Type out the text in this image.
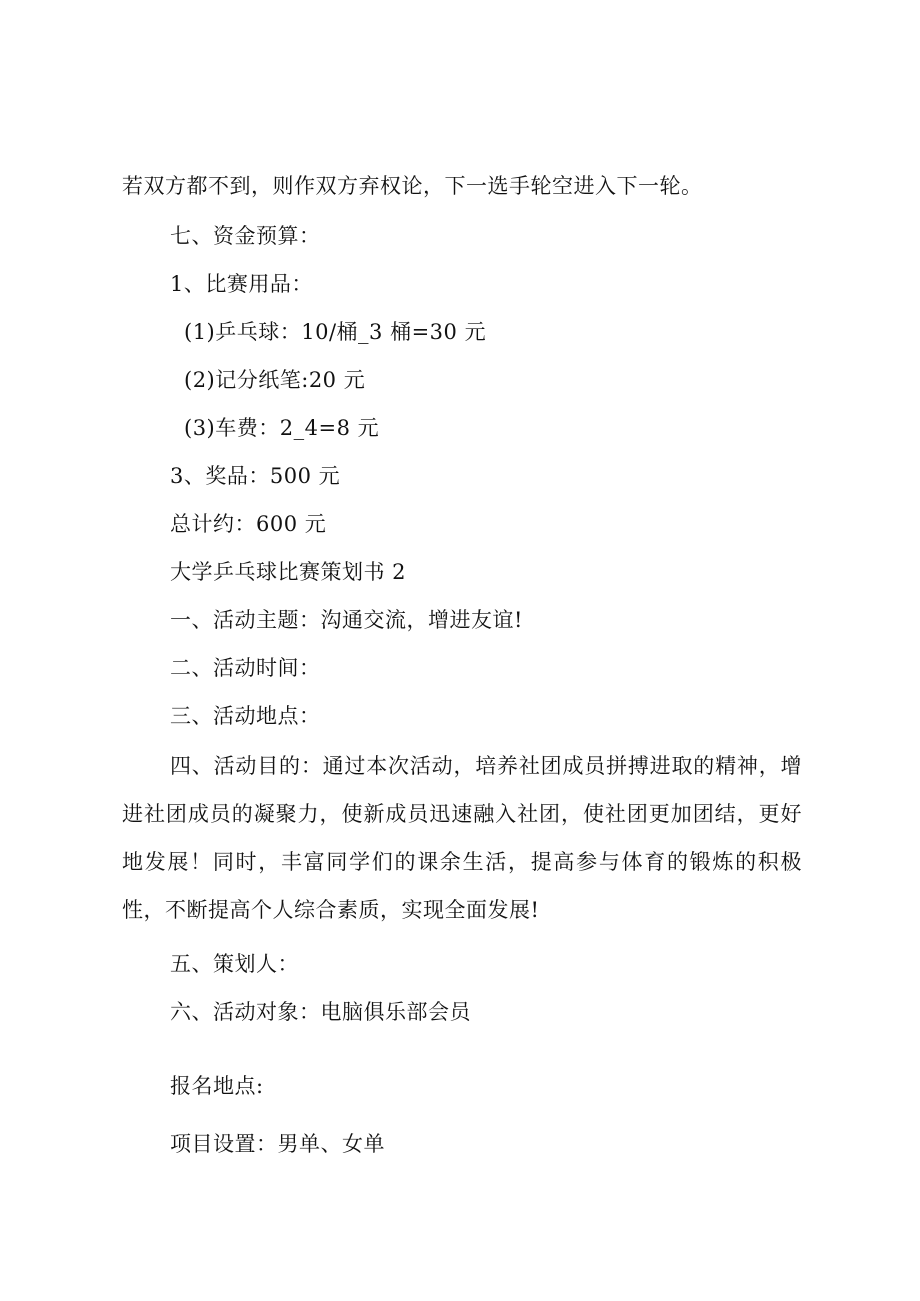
若双方都不到，则作双方弃权论，下一选手轮空进入下一轮。
七、资金预算：
1、比赛用品：
(1)乒乓球：10/桶_3 桶=30 元
(2)记分纸笔:20 元
(3)车费：2_4=8 元
3、奖品：500 元
总计约：600 元
大学乒乓球比赛策划书 2
一、活动主题：沟通交流，增进友谊!
二、活动时间：
三、活动地点：
四、活动目的：通过本次活动，培养社团成员拼搏进取的精神，增进社团成员的凝聚力，使新成员迅速融入社团，使社团更加团结，更好地发展！同时，丰富同学们的课余生活，提高参与体育的锻炼的积极性，不断提高个人综合素质，实现全面发展!
五、策划人：
六、活动对象：电脑俱乐部会员
报名地点:
项目设置：男单、女单
